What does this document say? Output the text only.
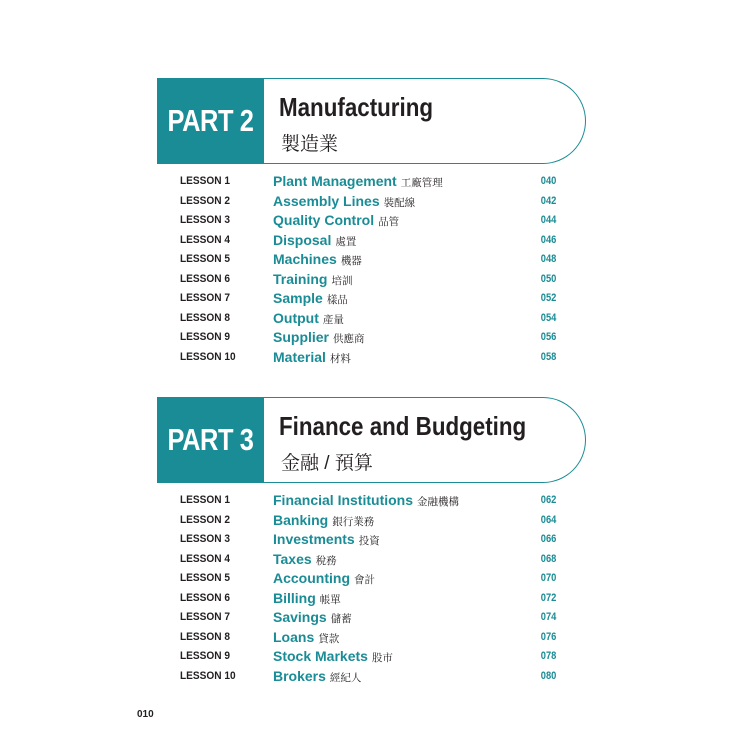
PART 2 Manufacturing
製造業
LESSON 1	Plant Management 工廠管理	040
LESSON 2	Assembly Lines 裝配線	042
LESSON 3	Quality Control 品管	044
LESSON 4	Disposal 處置	046
LESSON 5	Machines 機器	048
LESSON 6	Training 培訓	050
LESSON 7	Sample 樣品	052
LESSON 8	Output 產量	054
LESSON 9	Supplier 供應商	056
LESSON 10	Material 材料	058
PART 3 Finance and Budgeting
金融 / 預算
LESSON 1	Financial Institutions 金融機構	062
LESSON 2	Banking 銀行業務	064
LESSON 3	Investments 投資	066
LESSON 4	Taxes 稅務	068
LESSON 5	Accounting 會計	070
LESSON 6	Billing 帳單	072
LESSON 7	Savings 儲蓄	074
LESSON 8	Loans 貸款	076
LESSON 9	Stock Markets 股市	078
LESSON 10	Brokers 經紀人	080
010
